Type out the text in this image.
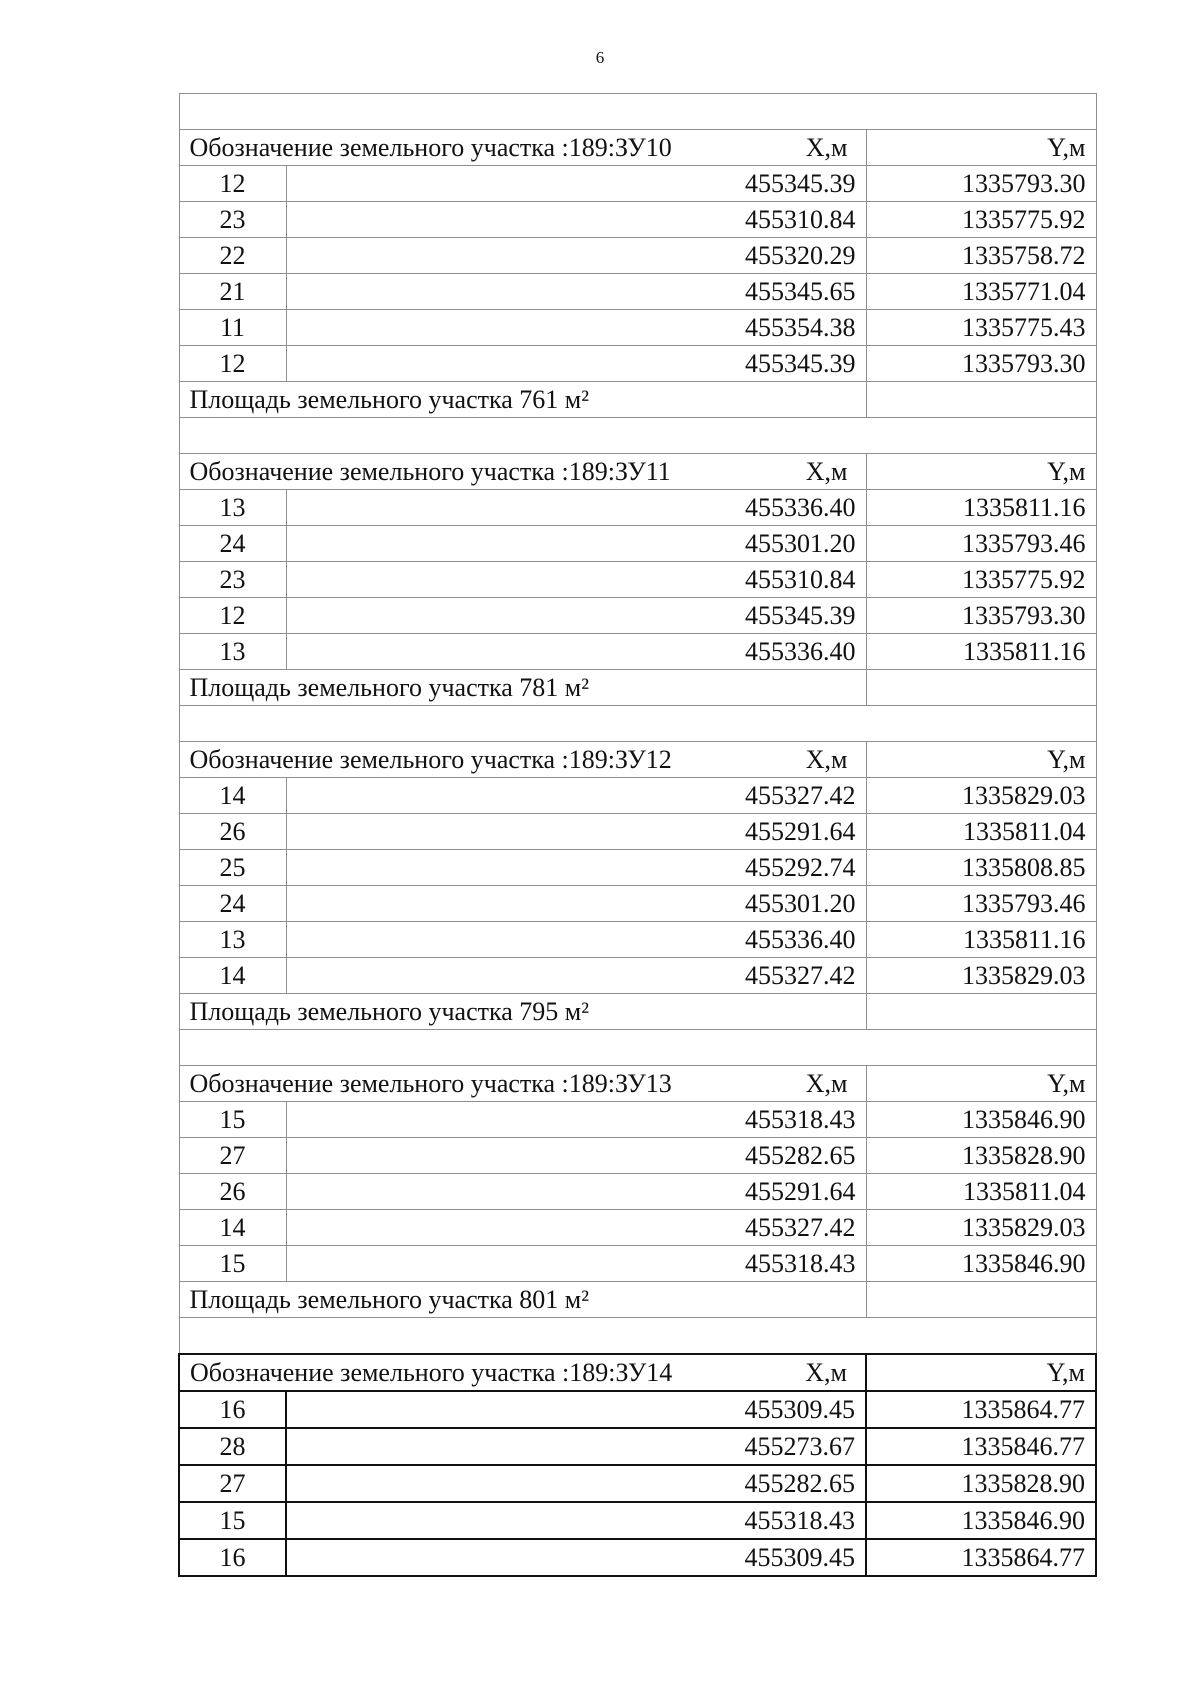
6

Обозначение земельного участка :189:ЗУ10 X,м		Y,м
12	455345.39	1335793.30
23	455310.84	1335775.92
22	455320.29	1335758.72
21	455345.65	1335771.04
11	455354.38	1335775.43
12	455345.39	1335793.30
Площадь земельного участка 761 м²		

Обозначение земельного участка :189:ЗУ11 X,м		Y,м
13	455336.40	1335811.16
24	455301.20	1335793.46
23	455310.84	1335775.92
12	455345.39	1335793.30
13	455336.40	1335811.16
Площадь земельного участка 781 м²		

Обозначение земельного участка :189:ЗУ12 X,м		Y,м
14	455327.42	1335829.03
26	455291.64	1335811.04
25	455292.74	1335808.85
24	455301.20	1335793.46
13	455336.40	1335811.16
14	455327.42	1335829.03
Площадь земельного участка 795 м²		

Обозначение земельного участка :189:ЗУ13 X,м		Y,м
15	455318.43	1335846.90
27	455282.65	1335828.90
26	455291.64	1335811.04
14	455327.42	1335829.03
15	455318.43	1335846.90
Площадь земельного участка 801 м²		

Обозначение земельного участка :189:ЗУ14 X,м		Y,м
16	455309.45	1335864.77
28	455273.67	1335846.77
27	455282.65	1335828.90
15	455318.43	1335846.90
16	455309.45	1335864.77
